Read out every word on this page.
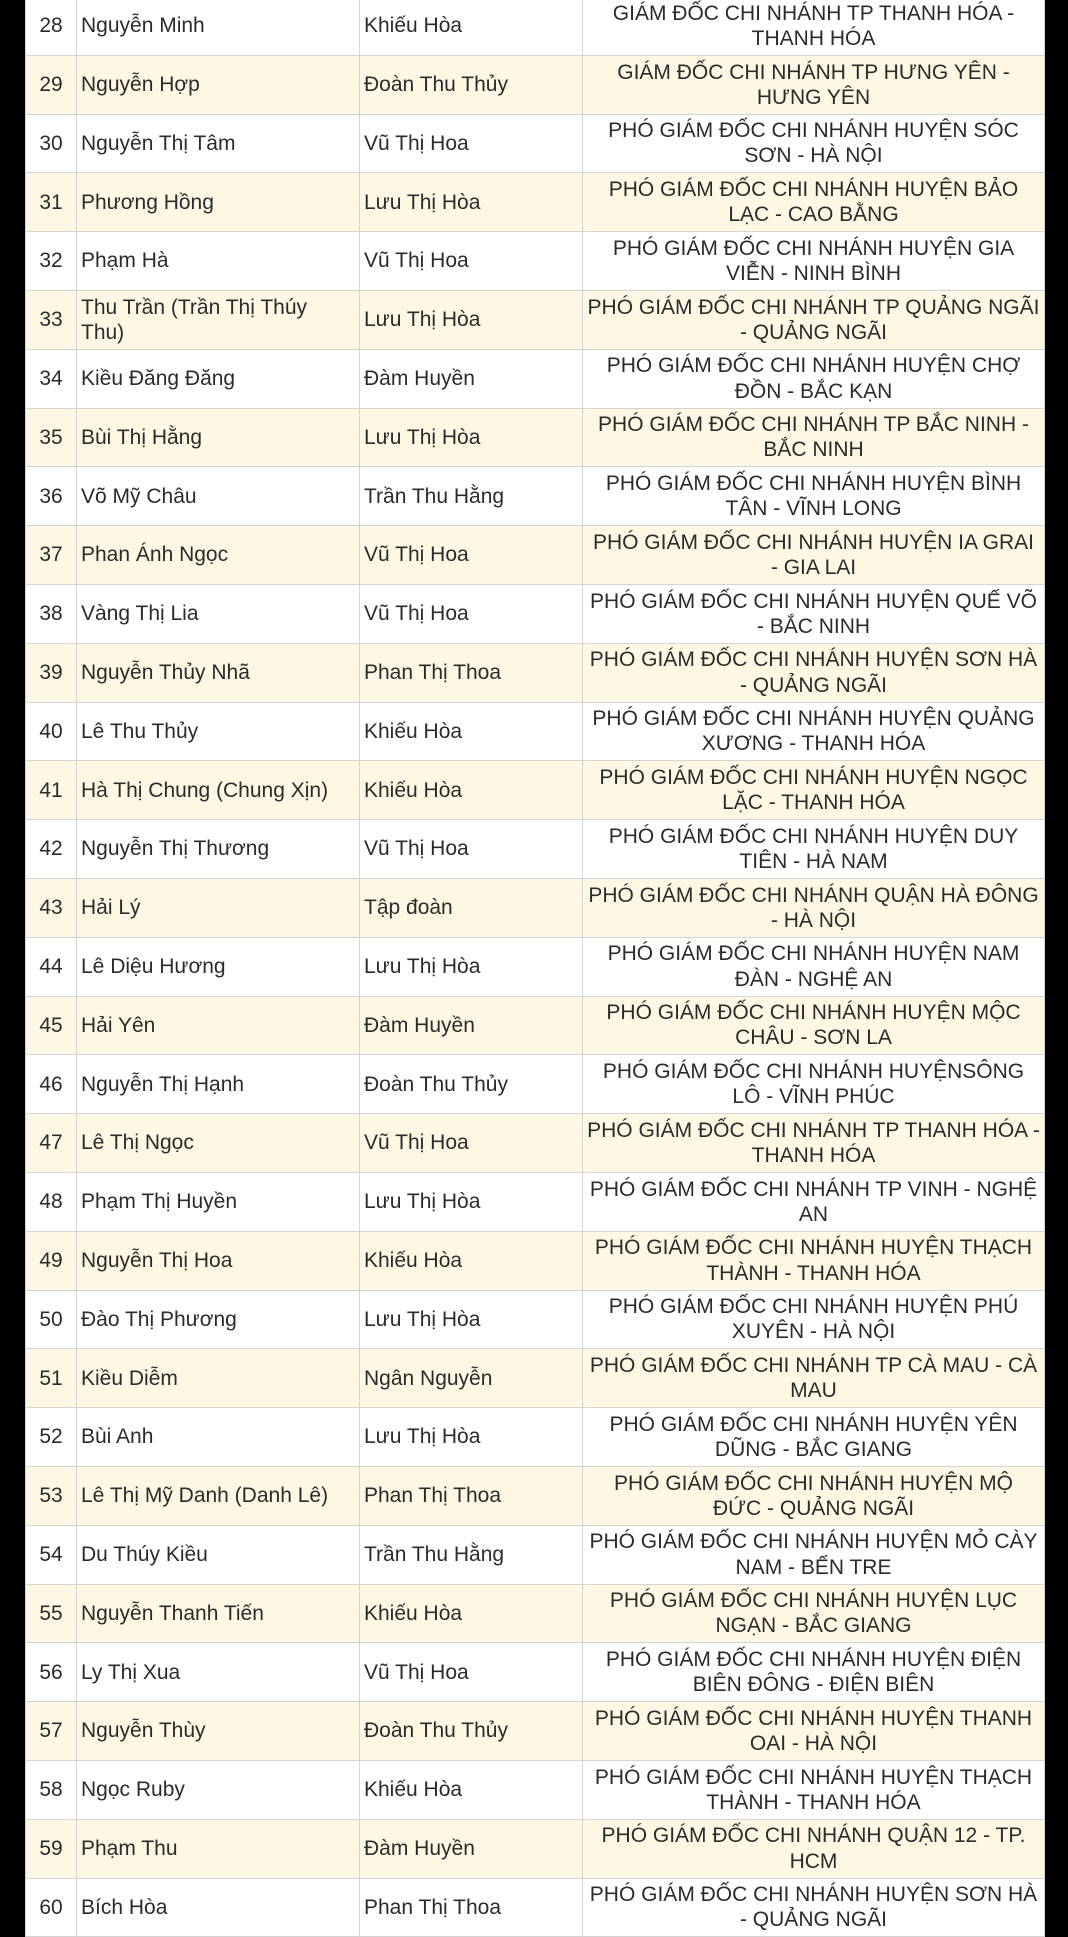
28	Nguyễn Minh	Khiếu Hòa	GIÁM ĐỐC CHI NHÁNH TP THANH HÓA - THANH HÓA
29	Nguyễn Hợp	Đoàn Thu Thủy	GIÁM ĐỐC CHI NHÁNH TP HƯNG YÊN - HƯNG YÊN
30	Nguyễn Thị Tâm	Vũ Thị Hoa	PHÓ GIÁM ĐỐC CHI NHÁNH HUYỆN SÓC SƠN - HÀ NỘI
31	Phương Hồng	Lưu Thị Hòa	PHÓ GIÁM ĐỐC CHI NHÁNH HUYỆN BẢO LẠC - CAO BẰNG
32	Phạm Hà	Vũ Thị Hoa	PHÓ GIÁM ĐỐC CHI NHÁNH HUYỆN GIA VIỄN - NINH BÌNH
33	Thu Trần (Trần Thị Thúy Thu)	Lưu Thị Hòa	PHÓ GIÁM ĐỐC CHI NHÁNH TP QUẢNG NGÃI - QUẢNG NGÃI
34	Kiều Đăng Đăng	Đàm Huyền	PHÓ GIÁM ĐỐC CHI NHÁNH HUYỆN CHỢ ĐỒN - BẮC KẠN
35	Bùi Thị Hằng	Lưu Thị Hòa	PHÓ GIÁM ĐỐC CHI NHÁNH TP BẮC NINH - BẮC NINH
36	Võ Mỹ Châu	Trần Thu Hằng	PHÓ GIÁM ĐỐC CHI NHÁNH HUYỆN BÌNH TÂN - VĨNH LONG
37	Phan Ánh Ngọc	Vũ Thị Hoa	PHÓ GIÁM ĐỐC CHI NHÁNH HUYỆN IA GRAI - GIA LAI
38	Vàng Thị Lia	Vũ Thị Hoa	PHÓ GIÁM ĐỐC CHI NHÁNH HUYỆN QUẾ VÕ - BẮC NINH
39	Nguyễn Thủy Nhã	Phan Thị Thoa	PHÓ GIÁM ĐỐC CHI NHÁNH HUYỆN SƠN HÀ - QUẢNG NGÃI
40	Lê Thu Thủy	Khiếu Hòa	PHÓ GIÁM ĐỐC CHI NHÁNH HUYỆN QUẢNG XƯƠNG - THANH HÓA
41	Hà Thị Chung (Chung Xịn)	Khiếu Hòa	PHÓ GIÁM ĐỐC CHI NHÁNH HUYỆN NGỌC LẶC - THANH HÓA
42	Nguyễn Thị Thương	Vũ Thị Hoa	PHÓ GIÁM ĐỐC CHI NHÁNH HUYỆN DUY TIÊN - HÀ NAM
43	Hải Lý	Tập đoàn	PHÓ GIÁM ĐỐC CHI NHÁNH QUẬN HÀ ĐÔNG - HÀ NỘI
44	Lê Diệu Hương	Lưu Thị Hòa	PHÓ GIÁM ĐỐC CHI NHÁNH HUYỆN NAM ĐÀN - NGHỆ AN
45	Hải Yên	Đàm Huyền	PHÓ GIÁM ĐỐC CHI NHÁNH HUYỆN MỘC CHÂU - SƠN LA
46	Nguyễn Thị Hạnh	Đoàn Thu Thủy	PHÓ GIÁM ĐỐC CHI NHÁNH HUYỆNSÔNG LÔ - VĨNH PHÚC
47	Lê Thị Ngọc	Vũ Thị Hoa	PHÓ GIÁM ĐỐC CHI NHÁNH TP THANH HÓA - THANH HÓA
48	Phạm Thị Huyền	Lưu Thị Hòa	PHÓ GIÁM ĐỐC CHI NHÁNH TP VINH - NGHỆ AN
49	Nguyễn Thị Hoa	Khiếu Hòa	PHÓ GIÁM ĐỐC CHI NHÁNH HUYỆN THẠCH THÀNH - THANH HÓA
50	Đào Thị Phương	Lưu Thị Hòa	PHÓ GIÁM ĐỐC CHI NHÁNH HUYỆN PHÚ XUYÊN - HÀ NỘI
51	Kiều Diễm	Ngân Nguyễn	PHÓ GIÁM ĐỐC CHI NHÁNH TP CÀ MAU - CÀ MAU
52	Bùi Anh	Lưu Thị Hòa	PHÓ GIÁM ĐỐC CHI NHÁNH HUYỆN YÊN DŨNG - BẮC GIANG
53	Lê Thị Mỹ Danh (Danh Lê)	Phan Thị Thoa	PHÓ GIÁM ĐỐC CHI NHÁNH HUYỆN MỘ ĐỨC - QUẢNG NGÃI
54	Du Thúy Kiều	Trần Thu Hằng	PHÓ GIÁM ĐỐC CHI NHÁNH HUYỆN MỎ CÀY NAM - BẾN TRE
55	Nguyễn Thanh Tiến	Khiếu Hòa	PHÓ GIÁM ĐỐC CHI NHÁNH HUYỆN LỤC NGẠN - BẮC GIANG
56	Ly Thị Xua	Vũ Thị Hoa	PHÓ GIÁM ĐỐC CHI NHÁNH HUYỆN ĐIỆN BIÊN ĐÔNG - ĐIỆN BIÊN
57	Nguyễn Thùy	Đoàn Thu Thủy	PHÓ GIÁM ĐỐC CHI NHÁNH HUYỆN THANH OAI - HÀ NỘI
58	Ngọc Ruby	Khiếu Hòa	PHÓ GIÁM ĐỐC CHI NHÁNH HUYỆN THẠCH THÀNH - THANH HÓA
59	Phạm Thu	Đàm Huyền	PHÓ GIÁM ĐỐC CHI NHÁNH QUẬN 12 - TP. HCM
60	Bích Hòa	Phan Thị Thoa	PHÓ GIÁM ĐỐC CHI NHÁNH HUYỆN SƠN HÀ - QUẢNG NGÃI
